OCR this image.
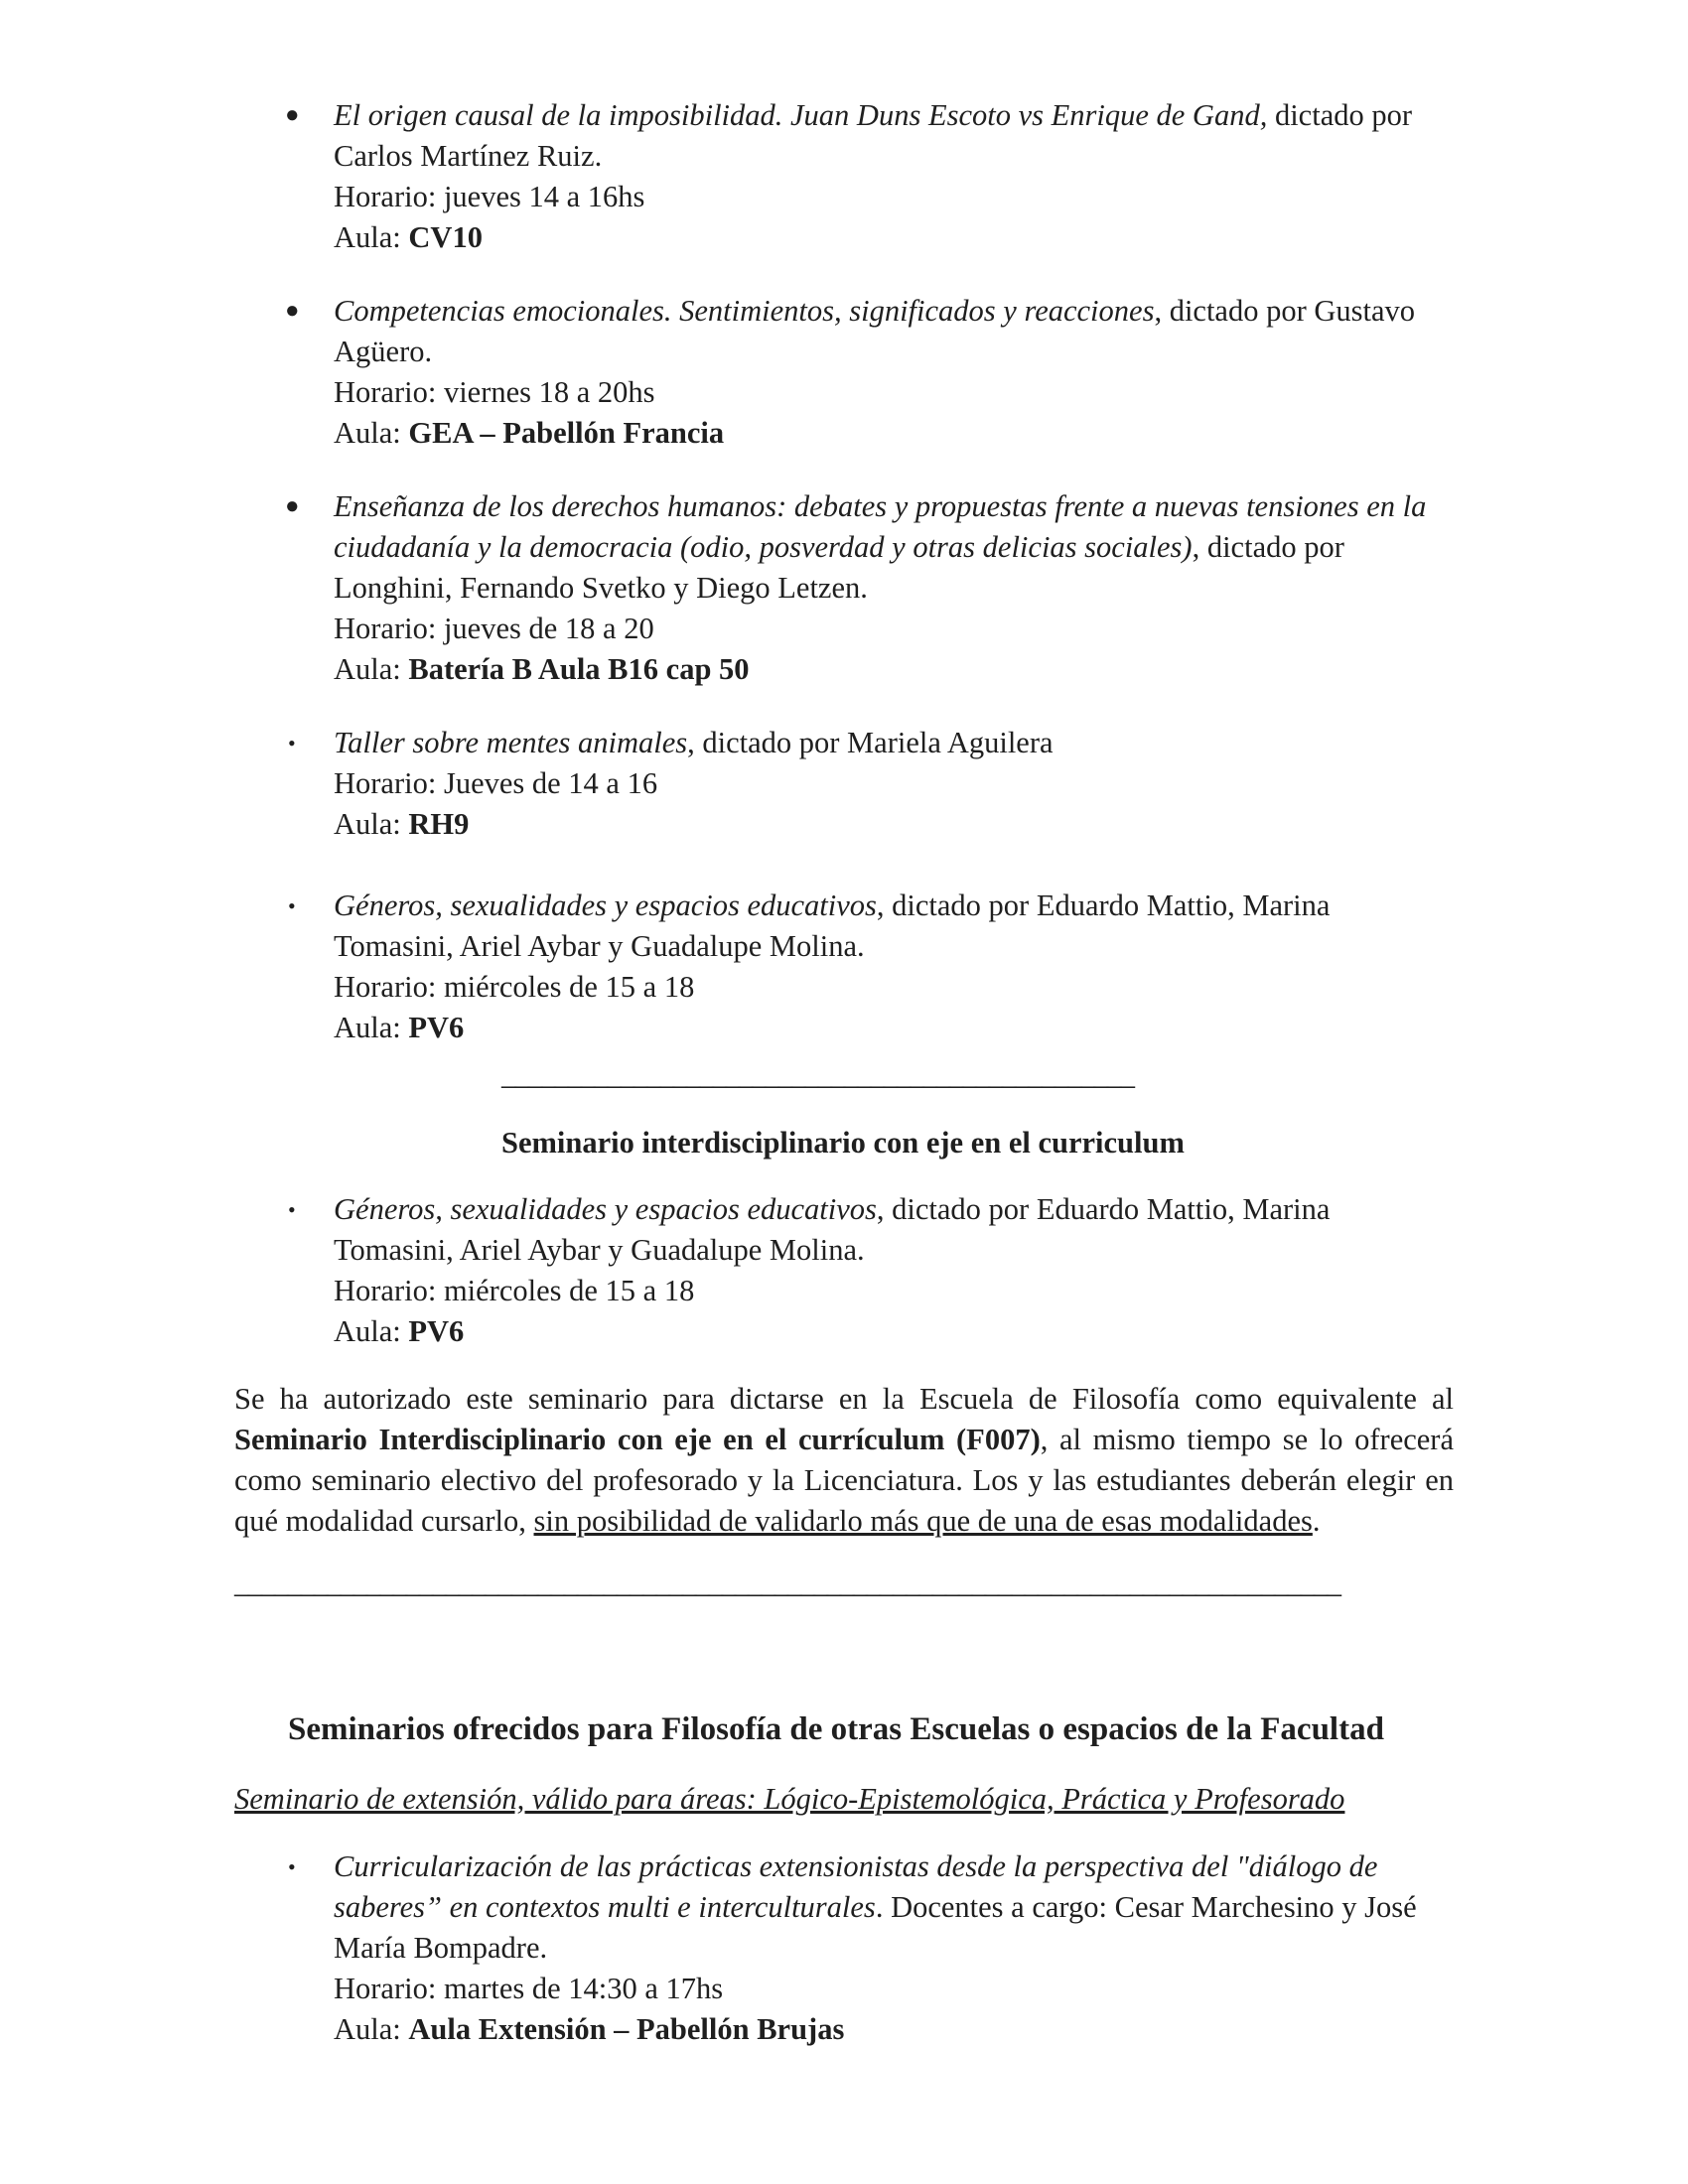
● El origen causal de la imposibilidad. Juan Duns Escoto vs Enrique de Gand, dictado por
Carlos Martínez Ruiz.
Horario: jueves 14 a 16hs
Aula: CV10
● Competencias emocionales. Sentimientos, significados y reacciones, dictado por Gustavo
Agüero.
Horario: viernes 18 a 20hs
Aula: GEA – Pabellón Francia
● Enseñanza de los derechos humanos: debates y propuestas frente a nuevas tensiones en la
ciudadanía y la democracia (odio, posverdad y otras delicias sociales), dictado por
Longhini, Fernando Svetko y Diego Letzen.
Horario: jueves de 18 a 20
Aula: Batería B Aula B16 cap 50
• Taller sobre mentes animales, dictado por Mariela Aguilera
Horario: Jueves de 14 a 16
Aula: RH9
• Géneros, sexualidades y espacios educativos, dictado por Eduardo Mattio, Marina
Tomasini, Ariel Aybar y Guadalupe Molina.
Horario: miércoles de 15 a 18
Aula: PV6
________________________________________________
Seminario interdisciplinario con eje en el curriculum
• Géneros, sexualidades y espacios educativos, dictado por Eduardo Mattio, Marina
Tomasini, Ariel Aybar y Guadalupe Molina.
Horario: miércoles de 15 a 18
Aula: PV6
Se ha autorizado este seminario para dictarse en la Escuela de Filosofía como equivalente al
Seminario Interdisciplinario con eje en el currículum (F007), al mismo tiempo se lo ofrecerá
como seminario electivo del profesorado y la Licenciatura. Los y las estudiantes deberán elegir en
qué modalidad cursarlo, sin posibilidad de validarlo más que de una de esas modalidades.
____________________________________________________________________________________
Seminarios ofrecidos para Filosofía de otras Escuelas o espacios de la Facultad
Seminario de extensión, válido para áreas: Lógico-Epistemológica, Práctica y Profesorado
• Curricularización de las prácticas extensionistas desde la perspectiva del "diálogo de
saberes” en contextos multi e interculturales. Docentes a cargo: Cesar Marchesino y José
María Bompadre.
Horario: martes de 14:30 a 17hs
Aula: Aula Extensión – Pabellón Brujas
